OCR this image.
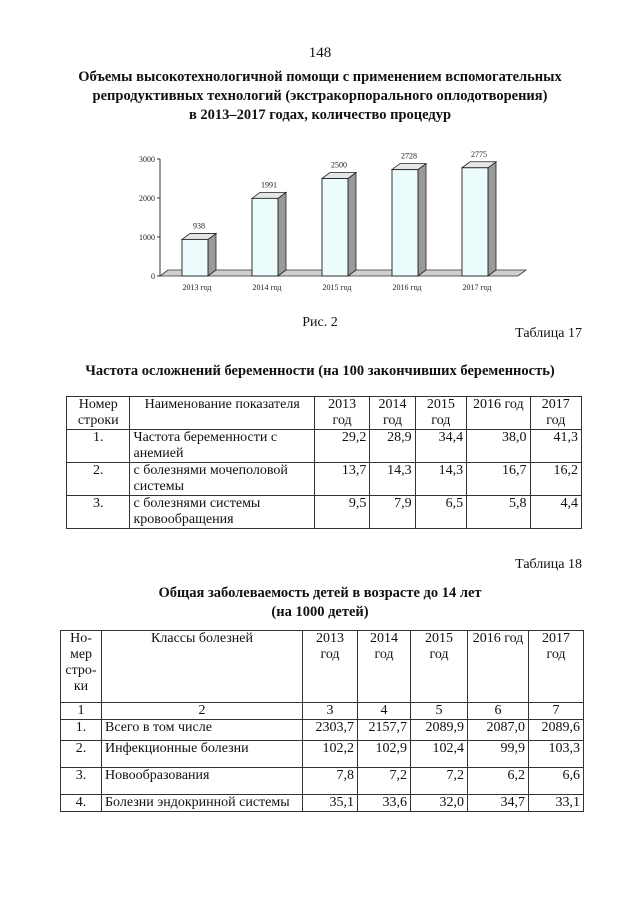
148
Объемы высокотехнологичной помощи с применением вспомогательных
репродуктивных технологий (экстракорпорального оплодотворения)
в 2013–2017 годах, количество процедур
0
1000
2000
3000
938
2013 год
1991
2014 год
2500
2015 год
2728
2016 год
2775
2017 год
Рис. 2
Таблица 17
Частота осложнений беременности (на 100 закончивших беременность)
Номер строки	Наименование показателя	2013 год	2014 год	2015 год	2016 год	2017 год
1.	Частота беременности с анемией	29,2	28,9	34,4	38,0	41,3
2.	с болезнями мочеполовой системы	13,7	14,3	14,3	16,7	16,2
3.	с болезнями системы кровообращения	9,5	7,9	6,5	5,8	4,4
Таблица 18
Общая заболеваемость детей в возрасте до 14 лет
(на 1000 детей)
Но-мер стро-ки	Классы болезней	2013 год	2014 год	2015 год	2016 год	2017 год
1	2	3	4	5	6	7
1.	Всего в том числе	2303,7	2157,7	2089,9	2087,0	2089,6
2.	Инфекционные болезни	102,2	102,9	102,4	99,9	103,3
3.	Новообразования	7,8	7,2	7,2	6,2	6,6
4.	Болезни эндокринной системы	35,1	33,6	32,0	34,7	33,1
